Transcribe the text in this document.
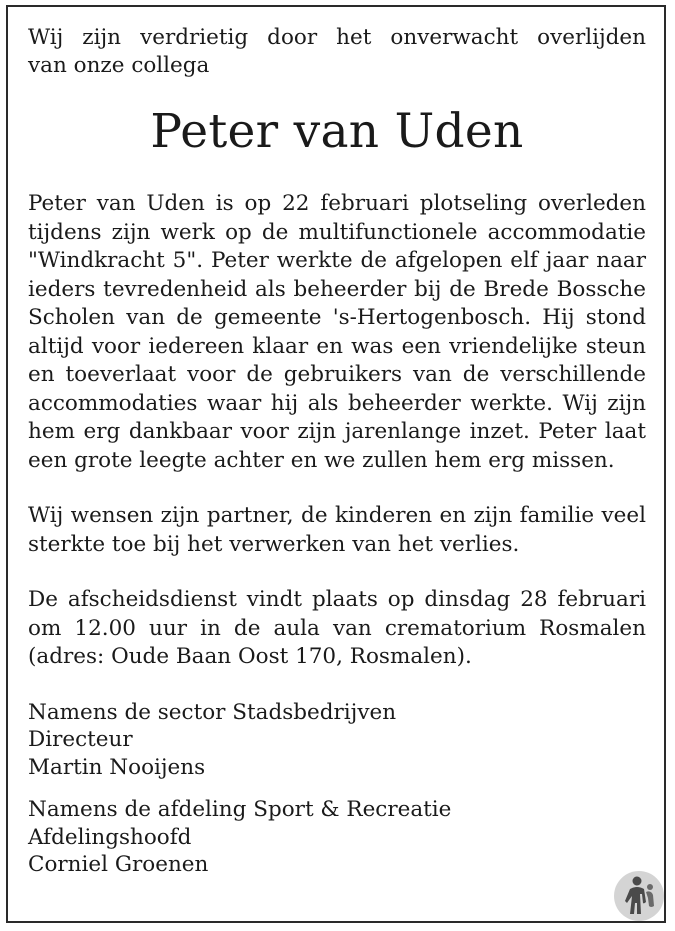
Wij zijn verdrietig door het onverwacht overlijden
van onze collega

Peter van Uden

Peter van Uden is op 22 februari plotseling overleden tijdens zijn werk op de multifunctionele accommodatie "Windkracht 5". Peter werkte de afgelopen elf jaar naar ieders tevredenheid als beheerder bij de Brede Bossche Scholen van de gemeente 's-Hertogenbosch. Hij stond altijd voor iedereen klaar en was een vriendelijke steun en toeverlaat voor de gebruikers van de verschillende accommodaties waar hij als beheerder werkte. Wij zijn hem erg dankbaar voor zijn jarenlange inzet. Peter laat een grote leegte achter en we zullen hem erg missen.

Wij wensen zijn partner, de kinderen en zijn familie veel sterkte toe bij het verwerken van het verlies.

De afscheidsdienst vindt plaats op dinsdag 28 februari om 12.00 uur in de aula van crematorium Rosmalen (adres: Oude Baan Oost 170, Rosmalen).

Namens de sector Stadsbedrijven
Directeur
Martin Nooijens
Namens de afdeling Sport & Recreatie
Afdelingshoofd
Corniel Groenen
